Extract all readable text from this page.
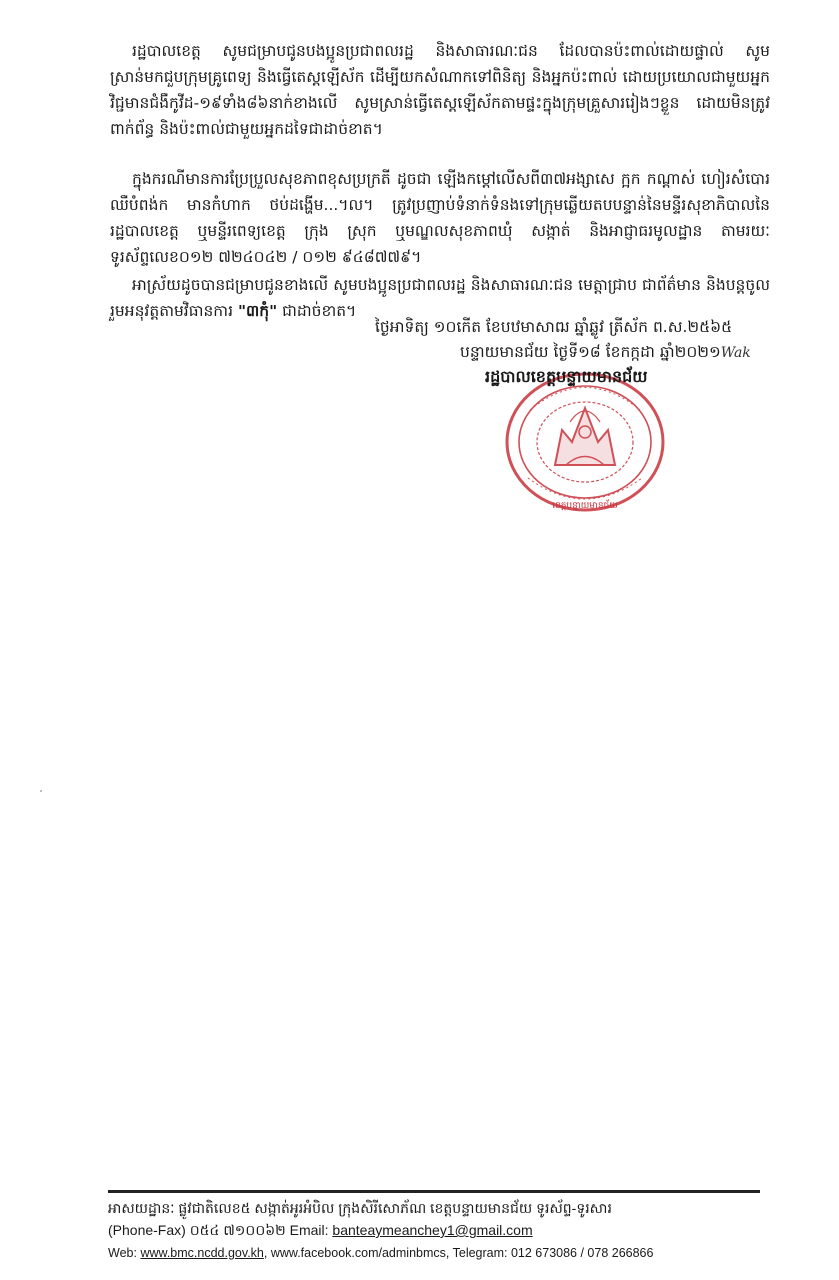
រដ្ឋបាលខេត្ត សូមជម្រាបជូនបងប្អូនប្រជាពលរដ្ឋ និងសាធារណៈជន ដែលបានប៉ះពាល់ដោយផ្ទាល់ សូមស្រាន់មកជួបក្រុមគ្រូពេទ្យ និងធ្វើតេស្តឡើស័ក ដើម្បីយកសំណាកទៅពិនិត្យ និងអ្នកប៉ះពាល់ ដោយប្រយោលជាមួយអ្នកវិជ្ជមានជំងឺកូវីដ-១៩ទាំង៨៦នាក់ខាងលើ សូមស្រាន់ធ្វើតេស្តឡើស័កតាមផ្ទះក្នុងក្រុមគ្រួសាររៀងៗខ្លួន ដោយមិនត្រូវពាក់ព័ន្ធ និងប៉ះពាល់ជាមួយអ្នកដទៃជាដាច់ខាត។

ក្នុងករណីមានការប្រែប្រួលសុខភាពខុសប្រក្រតី ដូចជា ឡើងកម្ដៅលើសពី៣៧អង្សាសេ ក្អក កណ្ដាស់ ហៀរសំបោរ ឈឺបំពង់ក មានកំហាក ថប់ដង្ហើម...។ល។ ត្រូវប្រញាប់ទំនាក់ទំនងទៅក្រុមឆ្លើយតបបន្ទាន់នៃមន្ទីរសុខាភិបាលនៃរដ្ឋបាលខេត្ត ឬមន្ទីរពេទ្យខេត្ត ក្រុង ស្រុក ឬមណ្ឌលសុខភាពឃុំ សង្កាត់ និងអាជ្ញាធរមូលដ្ឋាន តាមរយៈទូរស័ព្ទលេខ០១២ ៧២៤០៤២ / ០១២ ៩៤៨៧៧៩។

អាស្រ័យដូចបានជម្រាបជូនខាងលើ សូមបងប្អូនប្រជាពលរដ្ឋ និងសាធារណៈជន មេត្តាជ្រាប ជាព័ត៌មាន និងបន្តចូលរួមអនុវត្តតាមវិធានការ "៣កុំ" ជាដាច់ខាត។

ថ្ងៃអាទិត្យ ១០កើត ខែបឋមាសាឍ ឆ្នាំឆ្លូវ ត្រីស័ក ព.ស.២៥៦៥
បន្ទាយមានជ័យ ថ្ងៃទី១៨ ខែកក្កដា ឆ្នាំ២០២១Wak
ខេត្តបន្ទាយមានជ័យ
រដ្ឋបាលខេត្តបន្ទាយមានជ័យ
អាសយដ្ឋានៈ ផ្លូវជាតិលេខ៥ សង្កាត់អូរអំបិល ក្រុងសិរីសោភ័ណ ខេត្តបន្ទាយមានជ័យ ទូរស័ព្ទ-ទូរសារ
(Phone-Fax) ០៥៤ ៧១០០៦២ Email: banteaymeanchey1@gmail.com
Web: www.bmc.ncdd.gov.kh, www.facebook.com/adminbmcs, Telegram: 012 673086 / 078 266866
